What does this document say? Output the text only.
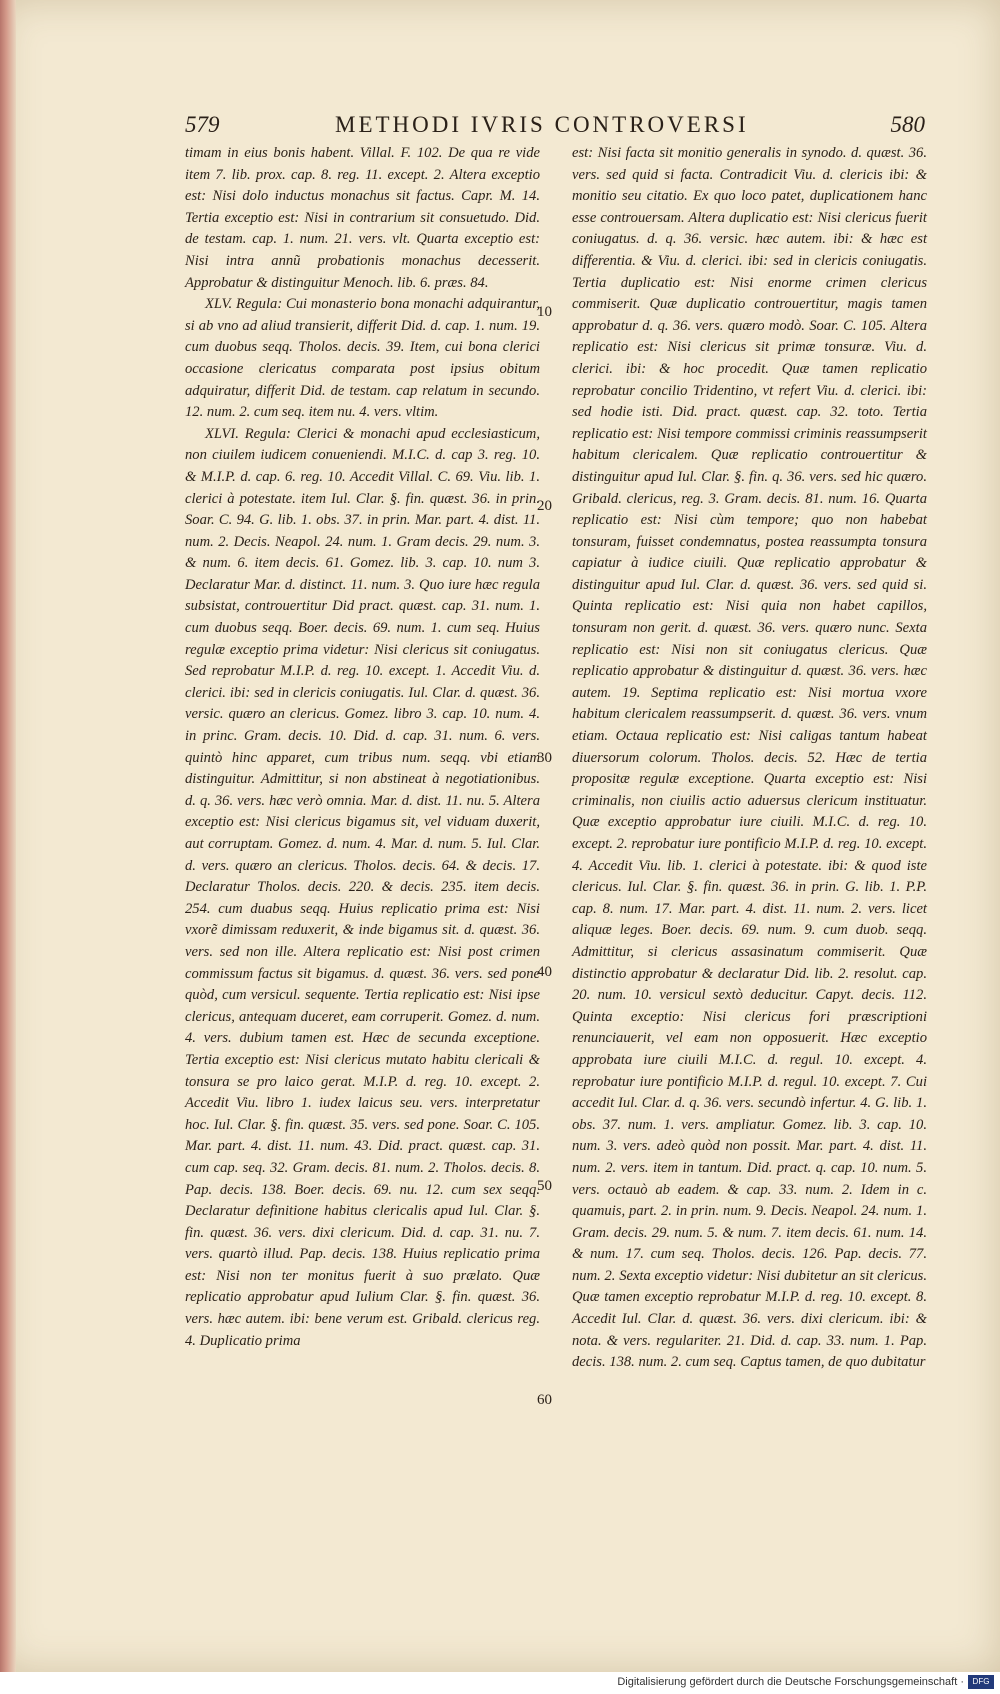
579	METHODI IVRIS CONTROVERSI	580

timam in eius bonis habent. Villal. F. 102. De qua re vide item 7. lib. prox. cap. 8. reg. 11. except. 2. Altera exceptio est: Nisi dolo inductus monachus sit factus. Capr. M. 14. Tertia exceptio est: Nisi in contrarium sit consuetudo. Did. de testam. cap. 1. num. 21. vers. vlt. Quarta exceptio est: Nisi intra annũ probationis monachus decesserit. Approbatur & distinguitur Menoch. lib. 6. præs. 84.

XLV. Regula: Cui monasterio bona monachi adquirantur, si ab vno ad aliud transierit, differit Did. d. cap. 1. num. 19. cum duobus seqq. Tholos. decis. 39. Item, cui bona clerici occasione clericatus comparata post ipsius obitum adquiratur, differit Did. de testam. cap relatum in secundo. 12. num. 2. cum seq. item nu. 4. vers. vltim.

XLVI. Regula: Clerici & monachi apud ecclesiasticum, non ciuilem iudicem conueniendi. M.I.C. d. cap 3. reg. 10. & M.I.P. d. cap. 6. reg. 10. Accedit Villal. C. 69. Viu. lib. 1. clerici à potestate. item Iul. Clar. §. fin. quæst. 36. in prin. Soar. C. 94. G. lib. 1. obs. 37. in prin. Mar. part. 4. dist. 11. num. 2. Decis. Neapol. 24. num. 1. Gram decis. 29. num. 3. & num. 6. item decis. 61. Gomez. lib. 3. cap. 10. num 3. Declaratur Mar. d. distinct. 11. num. 3. Quo iure hæc regula subsistat, controuertitur Did pract. quæst. cap. 31. num. 1. cum duobus seqq. Boer. decis. 69. num. 1. cum seq. Huius regulæ exceptio prima videtur: Nisi clericus sit coniugatus. Sed reprobatur M.I.P. d. reg. 10. except. 1. Accedit Viu. d. clerici. ibi: sed in clericis coniugatis. Iul. Clar. d. quæst. 36. versic. quæro an clericus. Gomez. libro 3. cap. 10. num. 4. in princ. Gram. decis. 10. Did. d. cap. 31. num. 6. vers. quintò hinc apparet, cum tribus num. seqq. vbi etiam distinguitur. Admittitur, si non abstineat à negotiationibus. d. q. 36. vers. hæc verò omnia. Mar. d. dist. 11. nu. 5. Altera exceptio est: Nisi clericus bigamus sit, vel viduam duxerit, aut corruptam. Gomez. d. num. 4. Mar. d. num. 5. Iul. Clar. d. vers. quæro an clericus. Tholos. decis. 64. & decis. 17. Declaratur Tholos. decis. 220. & decis. 235. item decis. 254. cum duabus seqq. Huius replicatio prima est: Nisi vxorẽ dimissam reduxerit, & inde bigamus sit. d. quæst. 36. vers. sed non ille. Altera replicatio est: Nisi post crimen commissum factus sit bigamus. d. quæst. 36. vers. sed pone quòd, cum versicul. sequente. Tertia replicatio est: Nisi ipse clericus, antequam duceret, eam corruperit. Gomez. d. num. 4. vers. dubium tamen est. Hæc de secunda exceptione. Tertia exceptio est: Nisi clericus mutato habitu clericali & tonsura se pro laico gerat. M.I.P. d. reg. 10. except. 2. Accedit Viu. libro 1. iudex laicus seu. vers. interpretatur hoc. Iul. Clar. §. fin. quæst. 35. vers. sed pone. Soar. C. 105. Mar. part. 4. dist. 11. num. 43. Did. pract. quæst. cap. 31. cum cap. seq. 32. Gram. decis. 81. num. 2. Tholos. decis. 8. Pap. decis. 138. Boer. decis. 69. nu. 12. cum sex seqq. Declaratur definitione habitus clericalis apud Iul. Clar. §. fin. quæst. 36. vers. dixi clericum. Did. d. cap. 31. nu. 7. vers. quartò illud. Pap. decis. 138. Huius replicatio prima est: Nisi non ter monitus fuerit à suo prælato. Quæ replicatio approbatur apud Iulium Clar. §. fin. quæst. 36. vers. hæc autem. ibi: bene verum est. Gribald. clericus reg. 4. Duplicatio prima

10
20
30
40
50
60

est: Nisi facta sit monitio generalis in synodo. d. quæst. 36. vers. sed quid si facta. Contradicit Viu. d. clericis ibi: & monitio seu citatio. Ex quo loco patet, duplicationem hanc esse controuersam. Altera duplicatio est: Nisi clericus fuerit coniugatus. d. q. 36. versic. hæc autem. ibi: & hæc est differentia. & Viu. d. clerici. ibi: sed in clericis coniugatis. Tertia duplicatio est: Nisi enorme crimen clericus commiserit. Quæ duplicatio controuertitur, magis tamen approbatur d. q. 36. vers. quæro modò. Soar. C. 105. Altera replicatio est: Nisi clericus sit primæ tonsuræ. Viu. d. clerici. ibi: & hoc procedit. Quæ tamen replicatio reprobatur concilio Tridentino, vt refert Viu. d. clerici. ibi: sed hodie isti. Did. pract. quæst. cap. 32. toto. Tertia replicatio est: Nisi tempore commissi criminis reassumpserit habitum clericalem. Quæ replicatio controuertitur & distinguitur apud Iul. Clar. §. fin. q. 36. vers. sed hic quæro. Gribald. clericus, reg. 3. Gram. decis. 81. num. 16. Quarta replicatio est: Nisi cùm tempore; quo non habebat tonsuram, fuisset condemnatus, postea reassumpta tonsura capiatur à iudice ciuili. Quæ replicatio approbatur & distinguitur apud Iul. Clar. d. quæst. 36. vers. sed quid si. Quinta replicatio est: Nisi quia non habet capillos, tonsuram non gerit. d. quæst. 36. vers. quæro nunc. Sexta replicatio est: Nisi non sit coniugatus clericus. Quæ replicatio approbatur & distinguitur d. quæst. 36. vers. hæc autem. 19. Septima replicatio est: Nisi mortua vxore habitum clericalem reassumpserit. d. quæst. 36. vers. vnum etiam. Octaua replicatio est: Nisi caligas tantum habeat diuersorum colorum. Tholos. decis. 52. Hæc de tertia propositæ regulæ exceptione. Quarta exceptio est: Nisi criminalis, non ciuilis actio aduersus clericum instituatur. Quæ exceptio approbatur iure ciuili. M.I.C. d. reg. 10. except. 2. reprobatur iure pontificio M.I.P. d. reg. 10. except. 4. Accedit Viu. lib. 1. clerici à potestate. ibi: & quod iste clericus. Iul. Clar. §. fin. quæst. 36. in prin. G. lib. 1. P.P. cap. 8. num. 17. Mar. part. 4. dist. 11. num. 2. vers. licet aliquæ leges. Boer. decis. 69. num. 9. cum duob. seqq. Admittitur, si clericus assasinatum commiserit. Quæ distinctio approbatur & declaratur Did. lib. 2. resolut. cap. 20. num. 10. versicul sextò deducitur. Capyt. decis. 112. Quinta exceptio: Nisi clericus fori præscriptioni renunciauerit, vel eam non opposuerit. Hæc exceptio approbata iure ciuili M.I.C. d. regul. 10. except. 4. reprobatur iure pontificio M.I.P. d. regul. 10. except. 7. Cui accedit Iul. Clar. d. q. 36. vers. secundò infertur. 4. G. lib. 1. obs. 37. num. 1. vers. ampliatur. Gomez. lib. 3. cap. 10. num. 3. vers. adeò quòd non possit. Mar. part. 4. dist. 11. num. 2. vers. item in tantum. Did. pract. q. cap. 10. num. 5. vers. octauò ab eadem. & cap. 33. num. 2. Idem in c. quamuis, part. 2. in prin. num. 9. Decis. Neapol. 24. num. 1. Gram. decis. 29. num. 5. & num. 7. item decis. 61. num. 14. & num. 17. cum seq. Tholos. decis. 126. Pap. decis. 77. num. 2. Sexta exceptio videtur: Nisi dubitetur an sit clericus. Quæ tamen exceptio reprobatur M.I.P. d. reg. 10. except. 8. Accedit Iul. Clar. d. quæst. 36. vers. dixi clericum. ibi: & nota. & vers. regulariter. 21. Did. d. cap. 33. num. 1. Pap. decis. 138. num. 2. cum seq. Captus tamen, de quo dubitatur

Digitalisierung gefördert durch die Deutsche Forschungsgemeinschaft ·	DFG
